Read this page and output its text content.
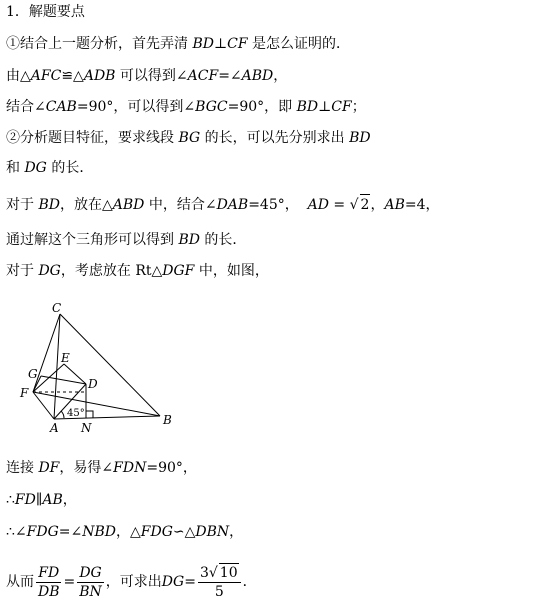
1．解题要点
①结合上一题分析，首先弄清 BD⊥CF 是怎么证明的．
由△AFC≌△ADB 可以得到∠ACF=∠ABD，
结合∠CAB=90°，可以得到∠BGC=90°，即 BD⊥CF；
②分析题目特征，要求线段 BG 的长，可以先分别求出 BD
和 DG 的长．
对于 BD，放在△ABD 中，结合∠DAB=45°， AD = √ 2，AB=4，
通过解这个三角形可以得到 BD 的长．
对于 DG，考虑放在 Rt△DGF 中，如图，
C
E
G
D
F
A N
B
45°
连接 DF，易得∠FDN=90°，
∴FD∥AB，
∴∠FDG=∠NBD，△FDG∽△DBN，
从而 $\frac{FD}{DB} = \frac{DG}{BN}$ ，可求出 DG = $\frac{3√ 10}{5}$ ．
